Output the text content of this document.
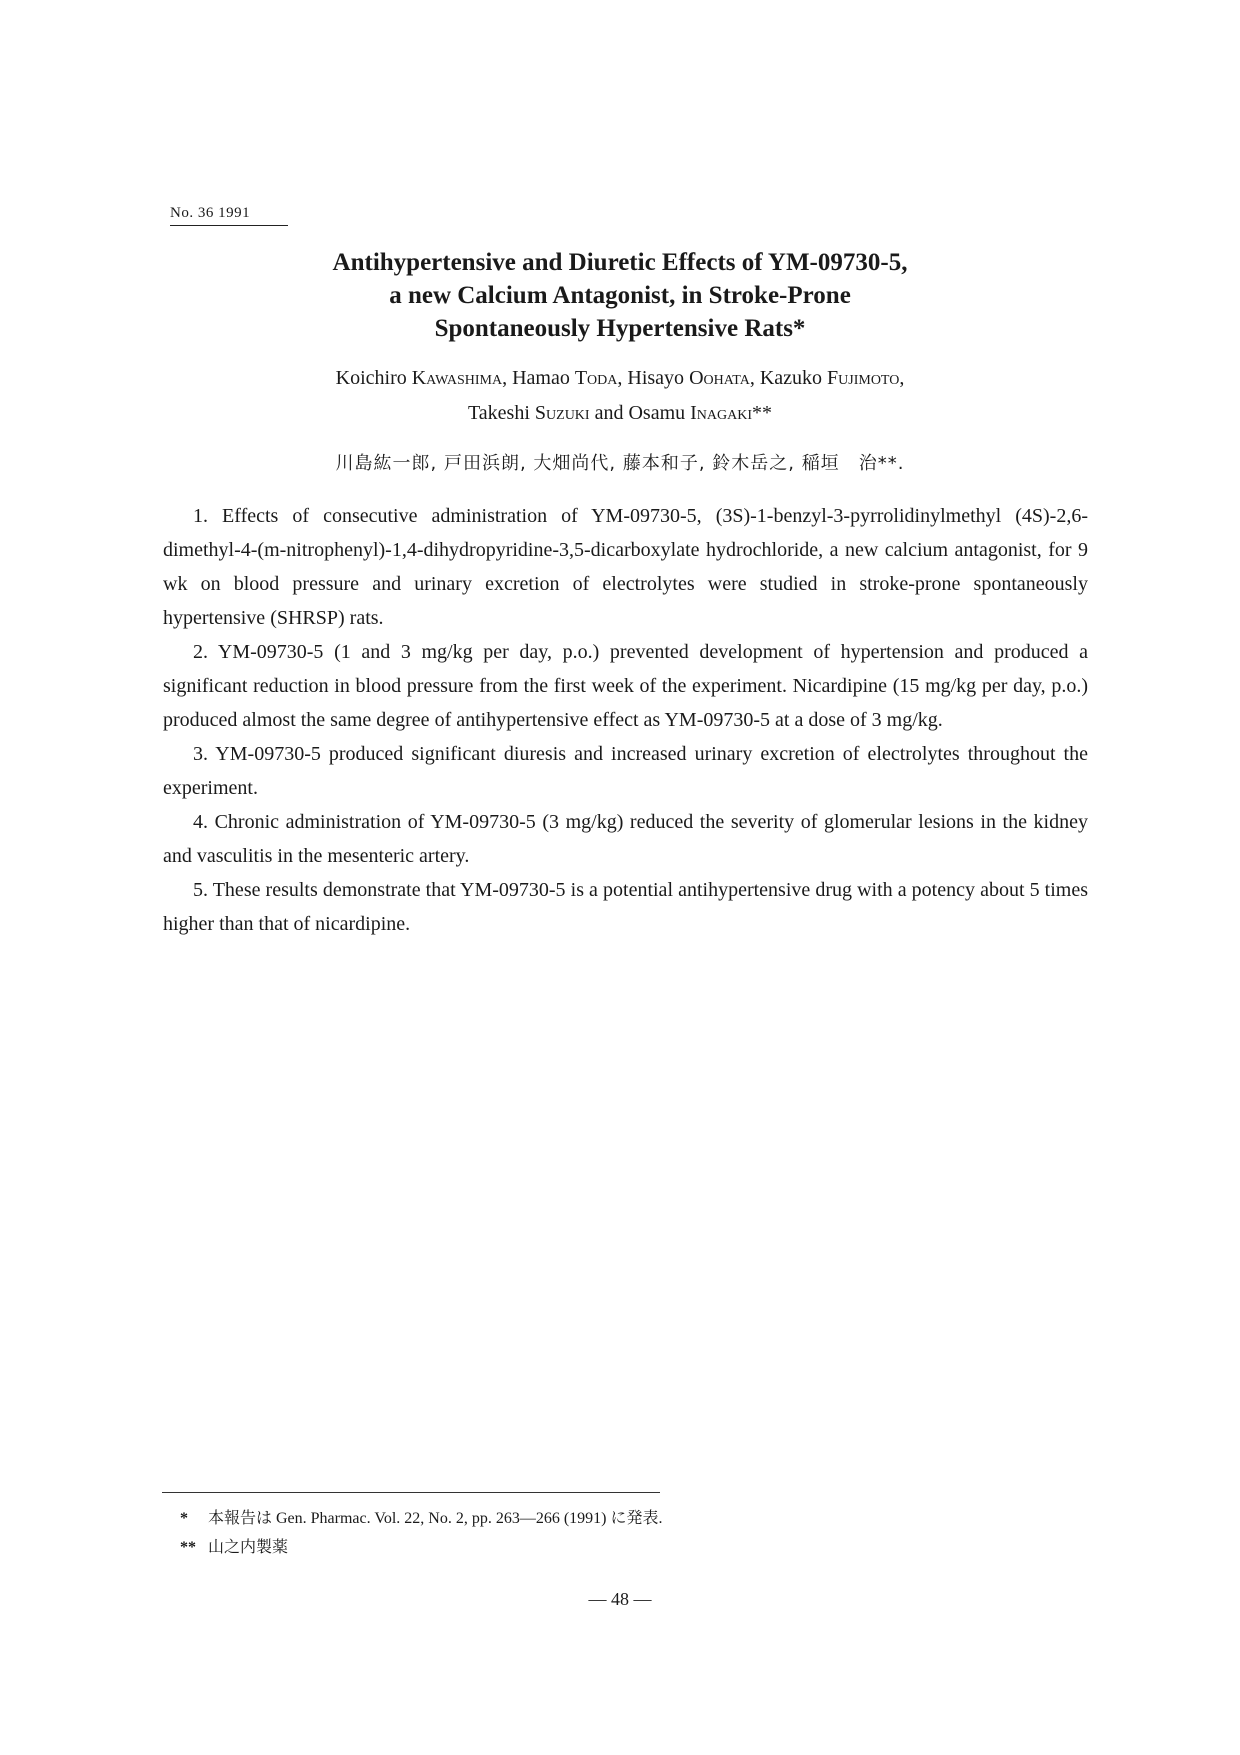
No. 36 1991
Antihypertensive and Diuretic Effects of YM-09730-5,
a new Calcium Antagonist, in Stroke-Prone
Spontaneously Hypertensive Rats*
Koichiro Kawashima, Hamao Toda, Hisayo Oohata, Kazuko Fujimoto,
Takeshi Suzuki and Osamu Inagaki**
川島紘一郎, 戸田浜朗, 大畑尚代, 藤本和子, 鈴木岳之, 稲垣　治**.

1. Effects of consecutive administration of YM-09730-5, (3S)-1-benzyl-3-pyrrolidinylmethyl (4S)-2,6-dimethyl-4-(m-nitrophenyl)-1,4-dihydropyridine-3,5-dicarboxylate hydrochloride, a new calcium antagonist, for 9 wk on blood pressure and urinary excretion of electrolytes were studied in stroke-prone spontaneously hypertensive (SHRSP) rats.

2. YM-09730-5 (1 and 3 mg/kg per day, p.o.) prevented development of hypertension and produced a significant reduction in blood pressure from the first week of the experiment. Nicardipine (15 mg/kg per day, p.o.) produced almost the same degree of antihypertensive effect as YM-09730-5 at a dose of 3 mg/kg.

3. YM-09730-5 produced significant diuresis and increased urinary excretion of electrolytes throughout the experiment.

4. Chronic administration of YM-09730-5 (3 mg/kg) reduced the severity of glomerular lesions in the kidney and vasculitis in the mesenteric artery.

5. These results demonstrate that YM-09730-5 is a potential antihypertensive drug with a potency about 5 times higher than that of nicardipine.

* 本報告は Gen. Pharmac. Vol. 22, No. 2, pp. 263—266 (1991) に発表.
** 山之内製薬
— 48 —
